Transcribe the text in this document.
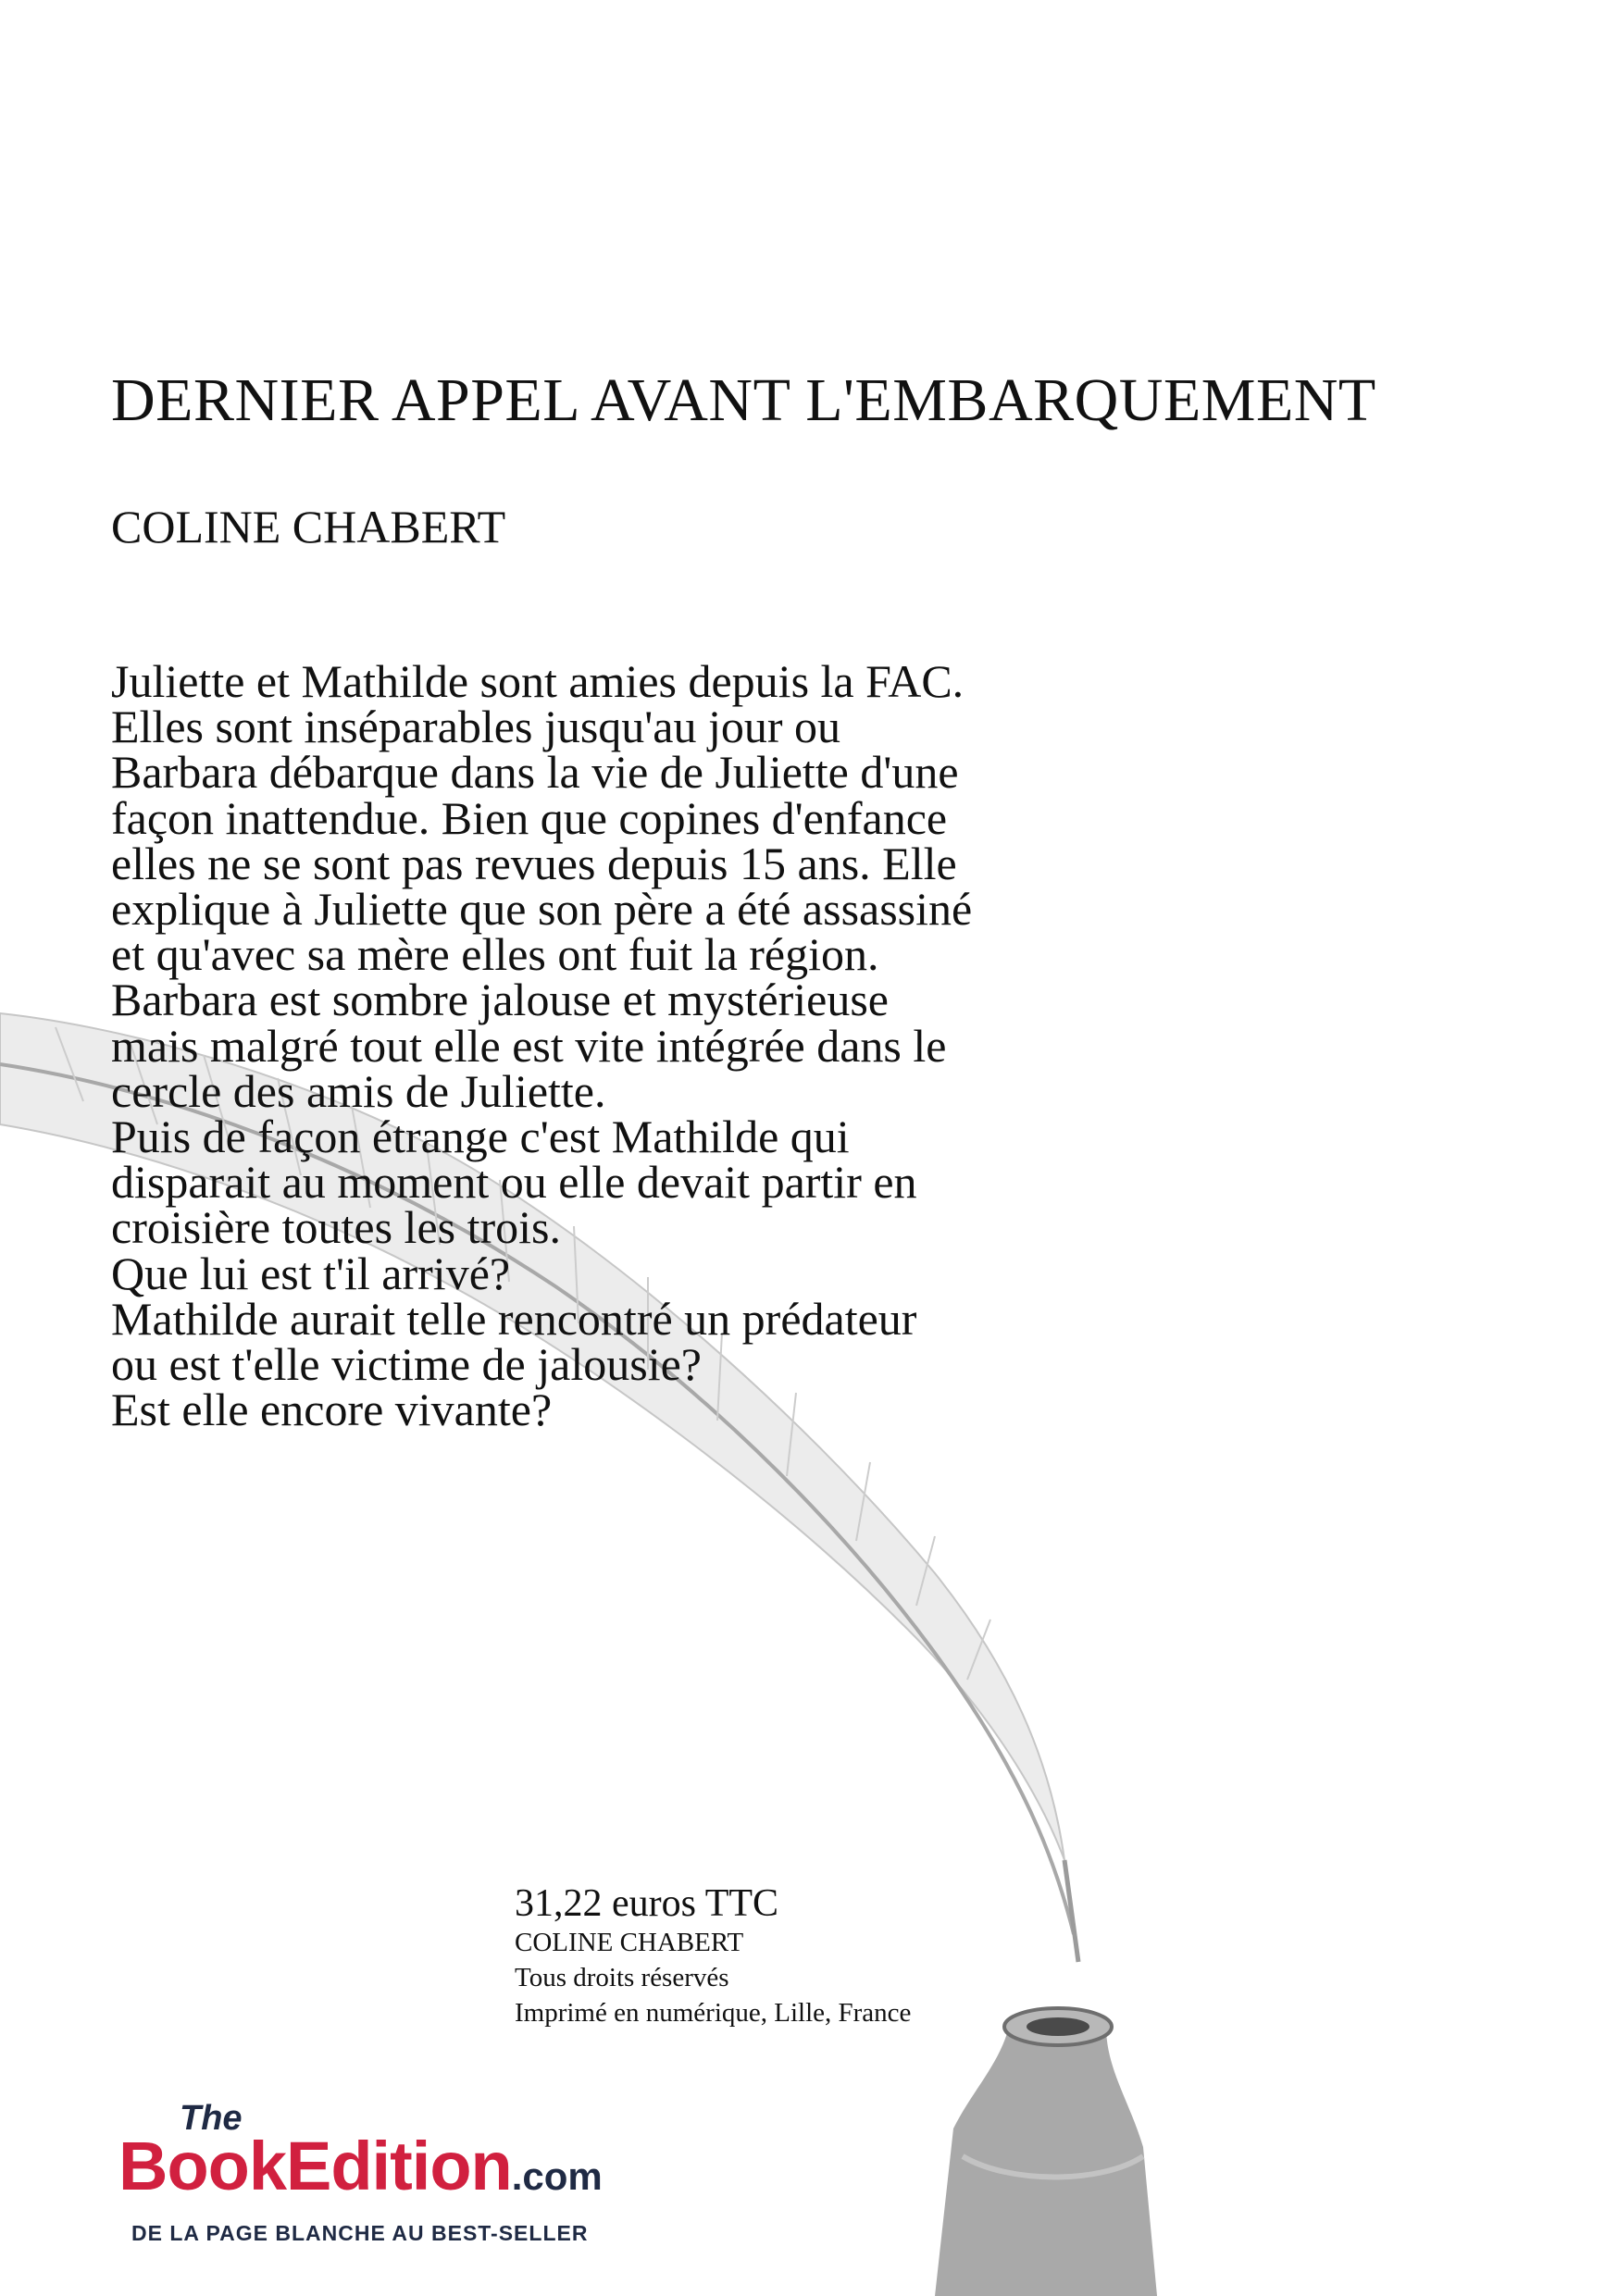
DERNIER APPEL AVANT L'EMBARQUEMENT
COLINE CHABERT
Juliette et Mathilde sont amies depuis la FAC.
Elles sont inséparables jusqu'au jour ou
Barbara débarque dans la vie de Juliette d'une
façon inattendue. Bien que copines d'enfance
elles ne se sont pas revues depuis 15 ans. Elle
explique à Juliette que son père a été assassiné
et qu'avec sa mère elles ont fuit la région.
Barbara est sombre jalouse et mystérieuse
mais malgré tout elle est vite intégrée dans le
cercle des amis de Juliette.
Puis de façon étrange c'est Mathilde qui
disparait au moment ou elle devait partir en
croisière toutes les trois.
Que lui est t'il arrivé?
Mathilde aurait telle rencontré un prédateur
ou est t'elle victime de jalousie?
Est elle encore vivante?
31,22 euros TTC
COLINE CHABERT
Tous droits réservés
Imprimé en numérique, Lille, France
The
BookEdition.com
DE LA PAGE BLANCHE AU BEST-SELLER
